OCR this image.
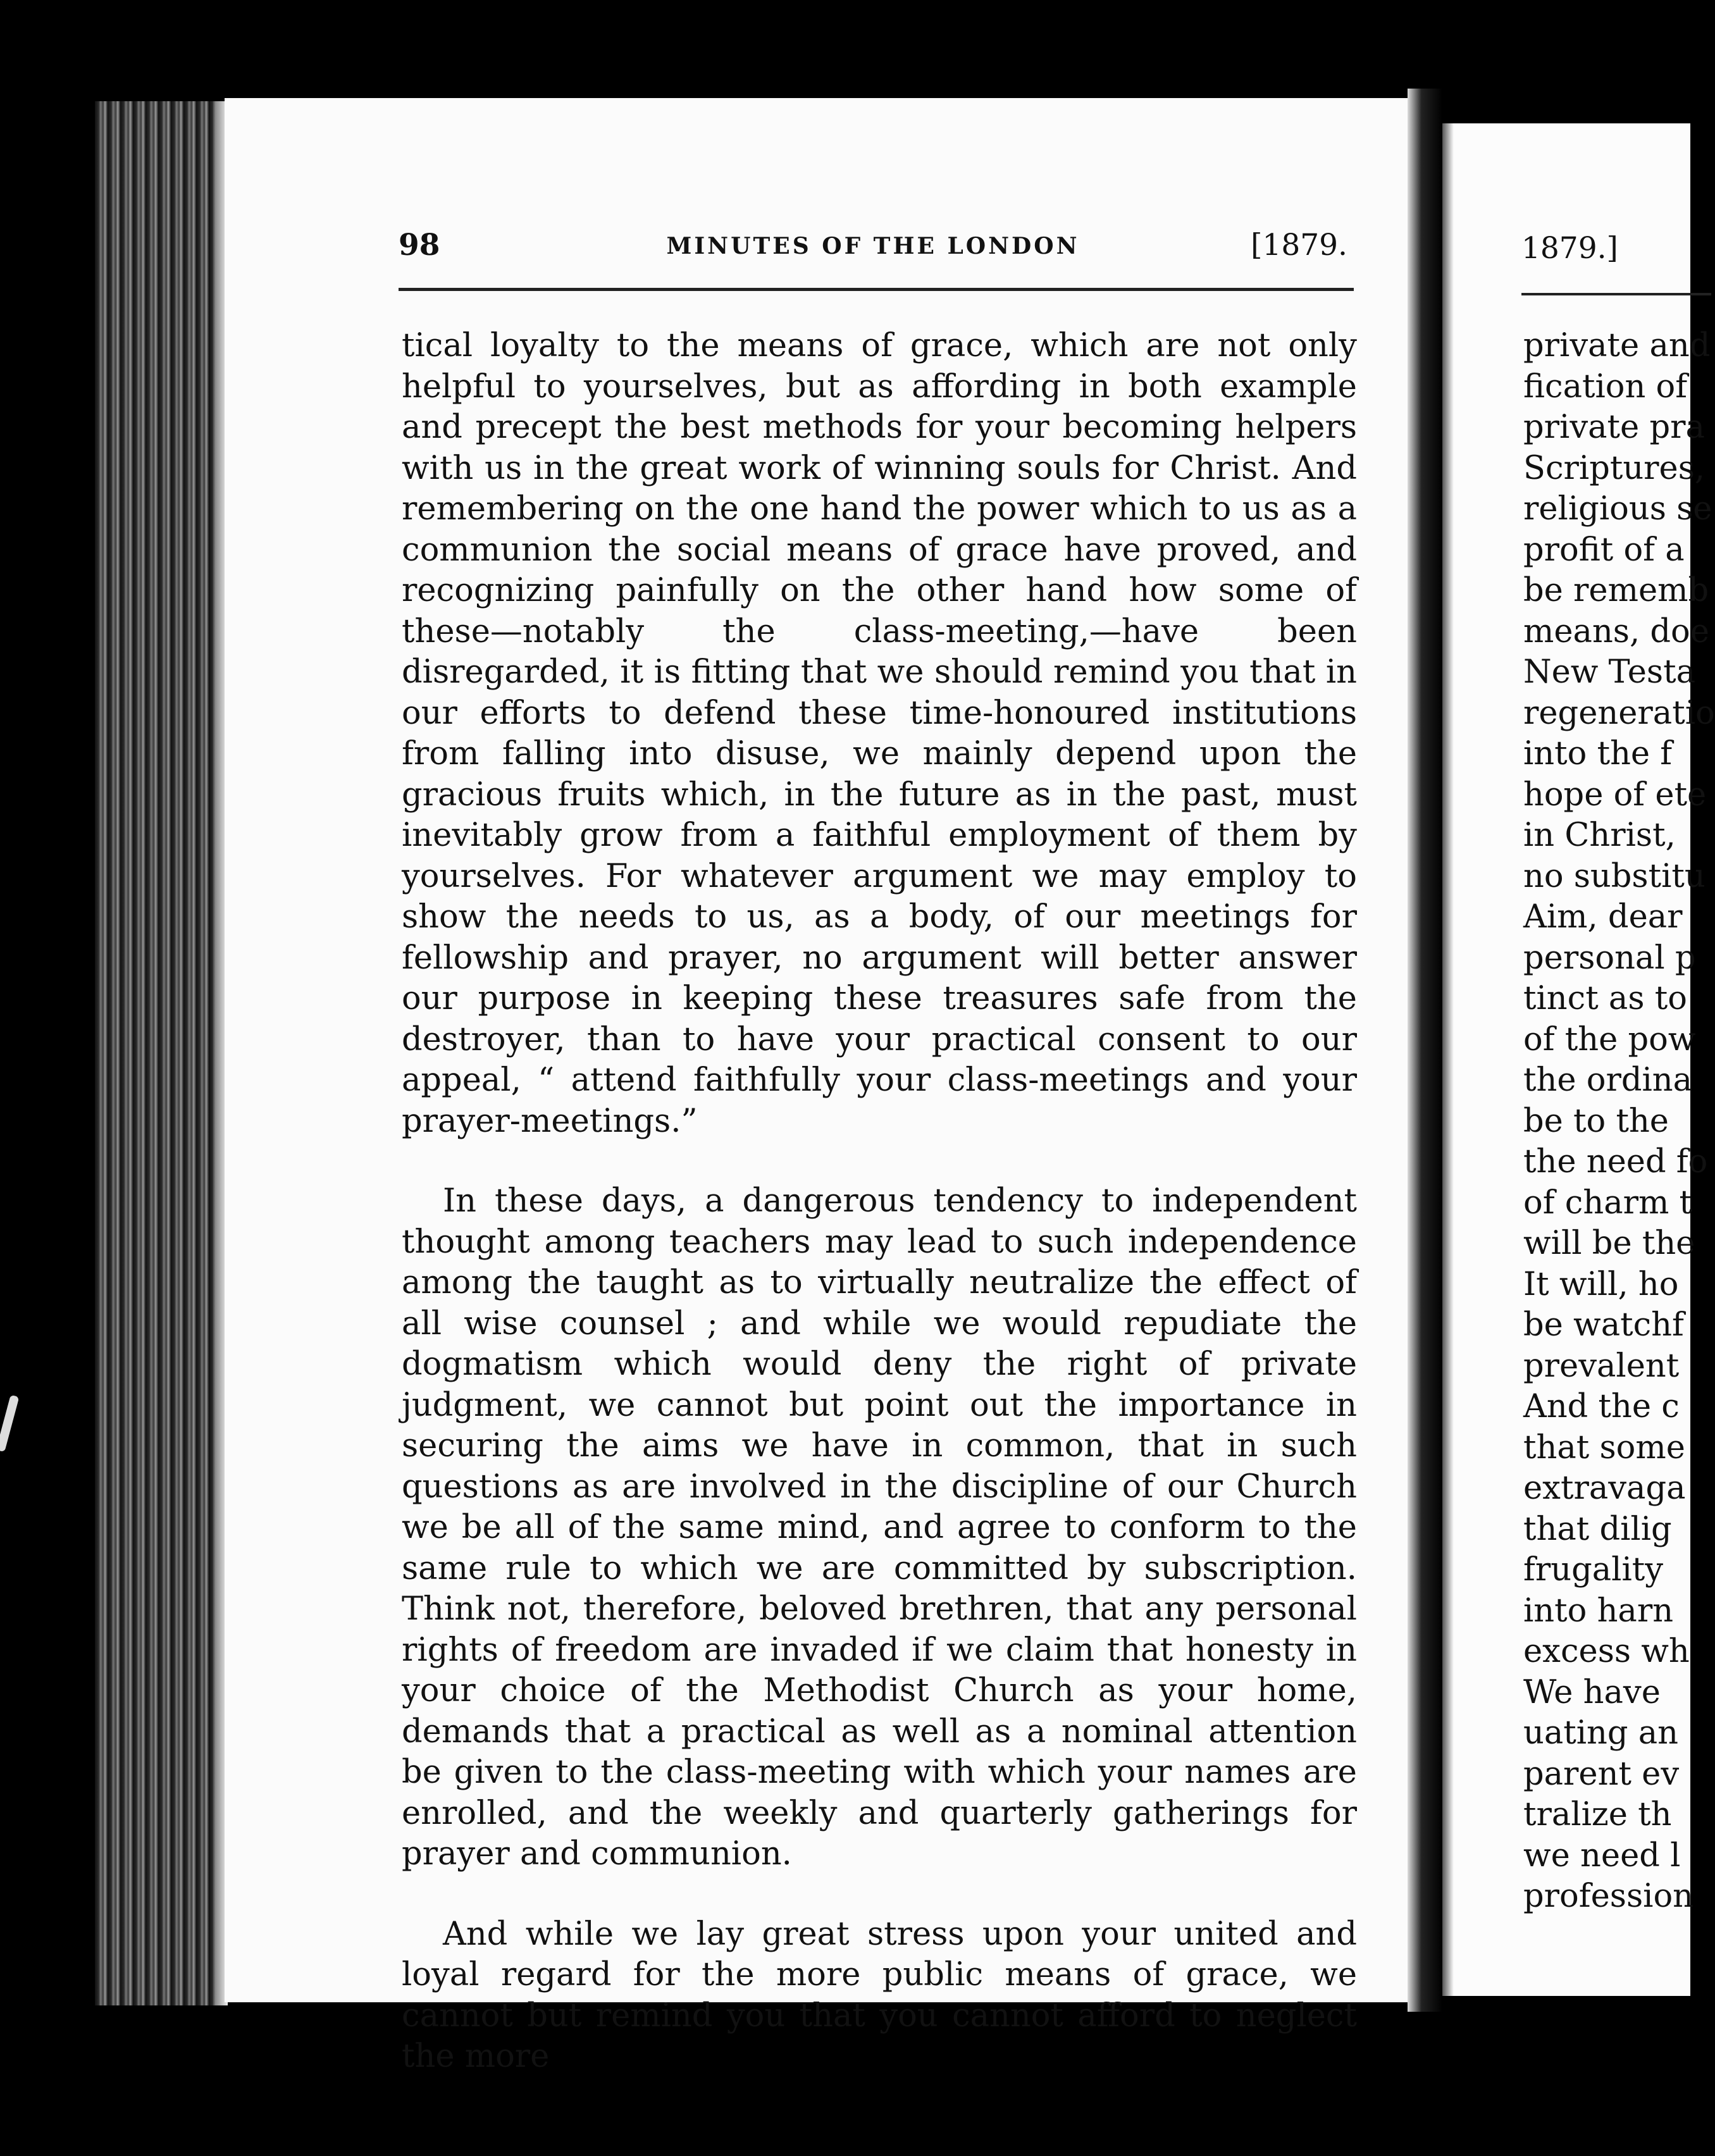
98	MINUTES OF THE LONDON	[1879.

tical loyalty to the means of grace, which are not only helpful to yourselves, but as affording in both example and precept the best methods for your becoming helpers with us in the great work of winning souls for Christ. And remembering on the one hand the power which to us as a communion the social means of grace have proved, and recognizing painfully on the other hand how some of these—notably the class-meeting,—have been disregarded, it is fitting that we should remind you that in our efforts to defend these time-honoured institutions from falling into disuse, we mainly depend upon the gracious fruits which, in the future as in the past, must inevitably grow from a faithful employment of them by yourselves. For whatever argument we may employ to show the needs to us, as a body, of our meetings for fellowship and prayer, no argument will better answer our purpose in keeping these treasures safe from the destroyer, than to have your practical consent to our appeal, “ attend faithfully your class-meetings and your prayer-meetings.”

In these days, a dangerous tendency to independent thought among teachers may lead to such independence among the taught as to virtually neutralize the effect of all wise counsel ; and while we would repudiate the dogmatism which would deny the right of private judgment, we cannot but point out the importance in securing the aims we have in common, that in such questions as are involved in the discipline of our Church we be all of the same mind, and agree to conform to the same rule to which we are committed by subscription. Think not, therefore, beloved brethren, that any personal rights of freedom are invaded if we claim that honesty in your choice of the Methodist Church as your home, demands that a practical as well as a nominal attention be given to the class-meeting with which your names are enrolled, and the weekly and quarterly gatherings for prayer and communion.

And while we lay great stress upon your united and loyal regard for the more public means of grace, we cannot but remind you that you cannot afford to neglect the more

1879.]
private and
fication of
private pra
Scriptures,
religious se
profit of a
be rememb
means, doe
New Testa
regeneratio
into the f
hope of ete
in Christ,
no substitu
Aim, dear
personal p
tinct as to
of the pow
the ordina
be to the
the need fo
of charm t
will be the
It will, ho
be watchf
prevalent
And the c
that some
extravaga
that dilig
frugality
into harn
excess wh
We have
uating an
parent ev
tralize th
we need l
profession
